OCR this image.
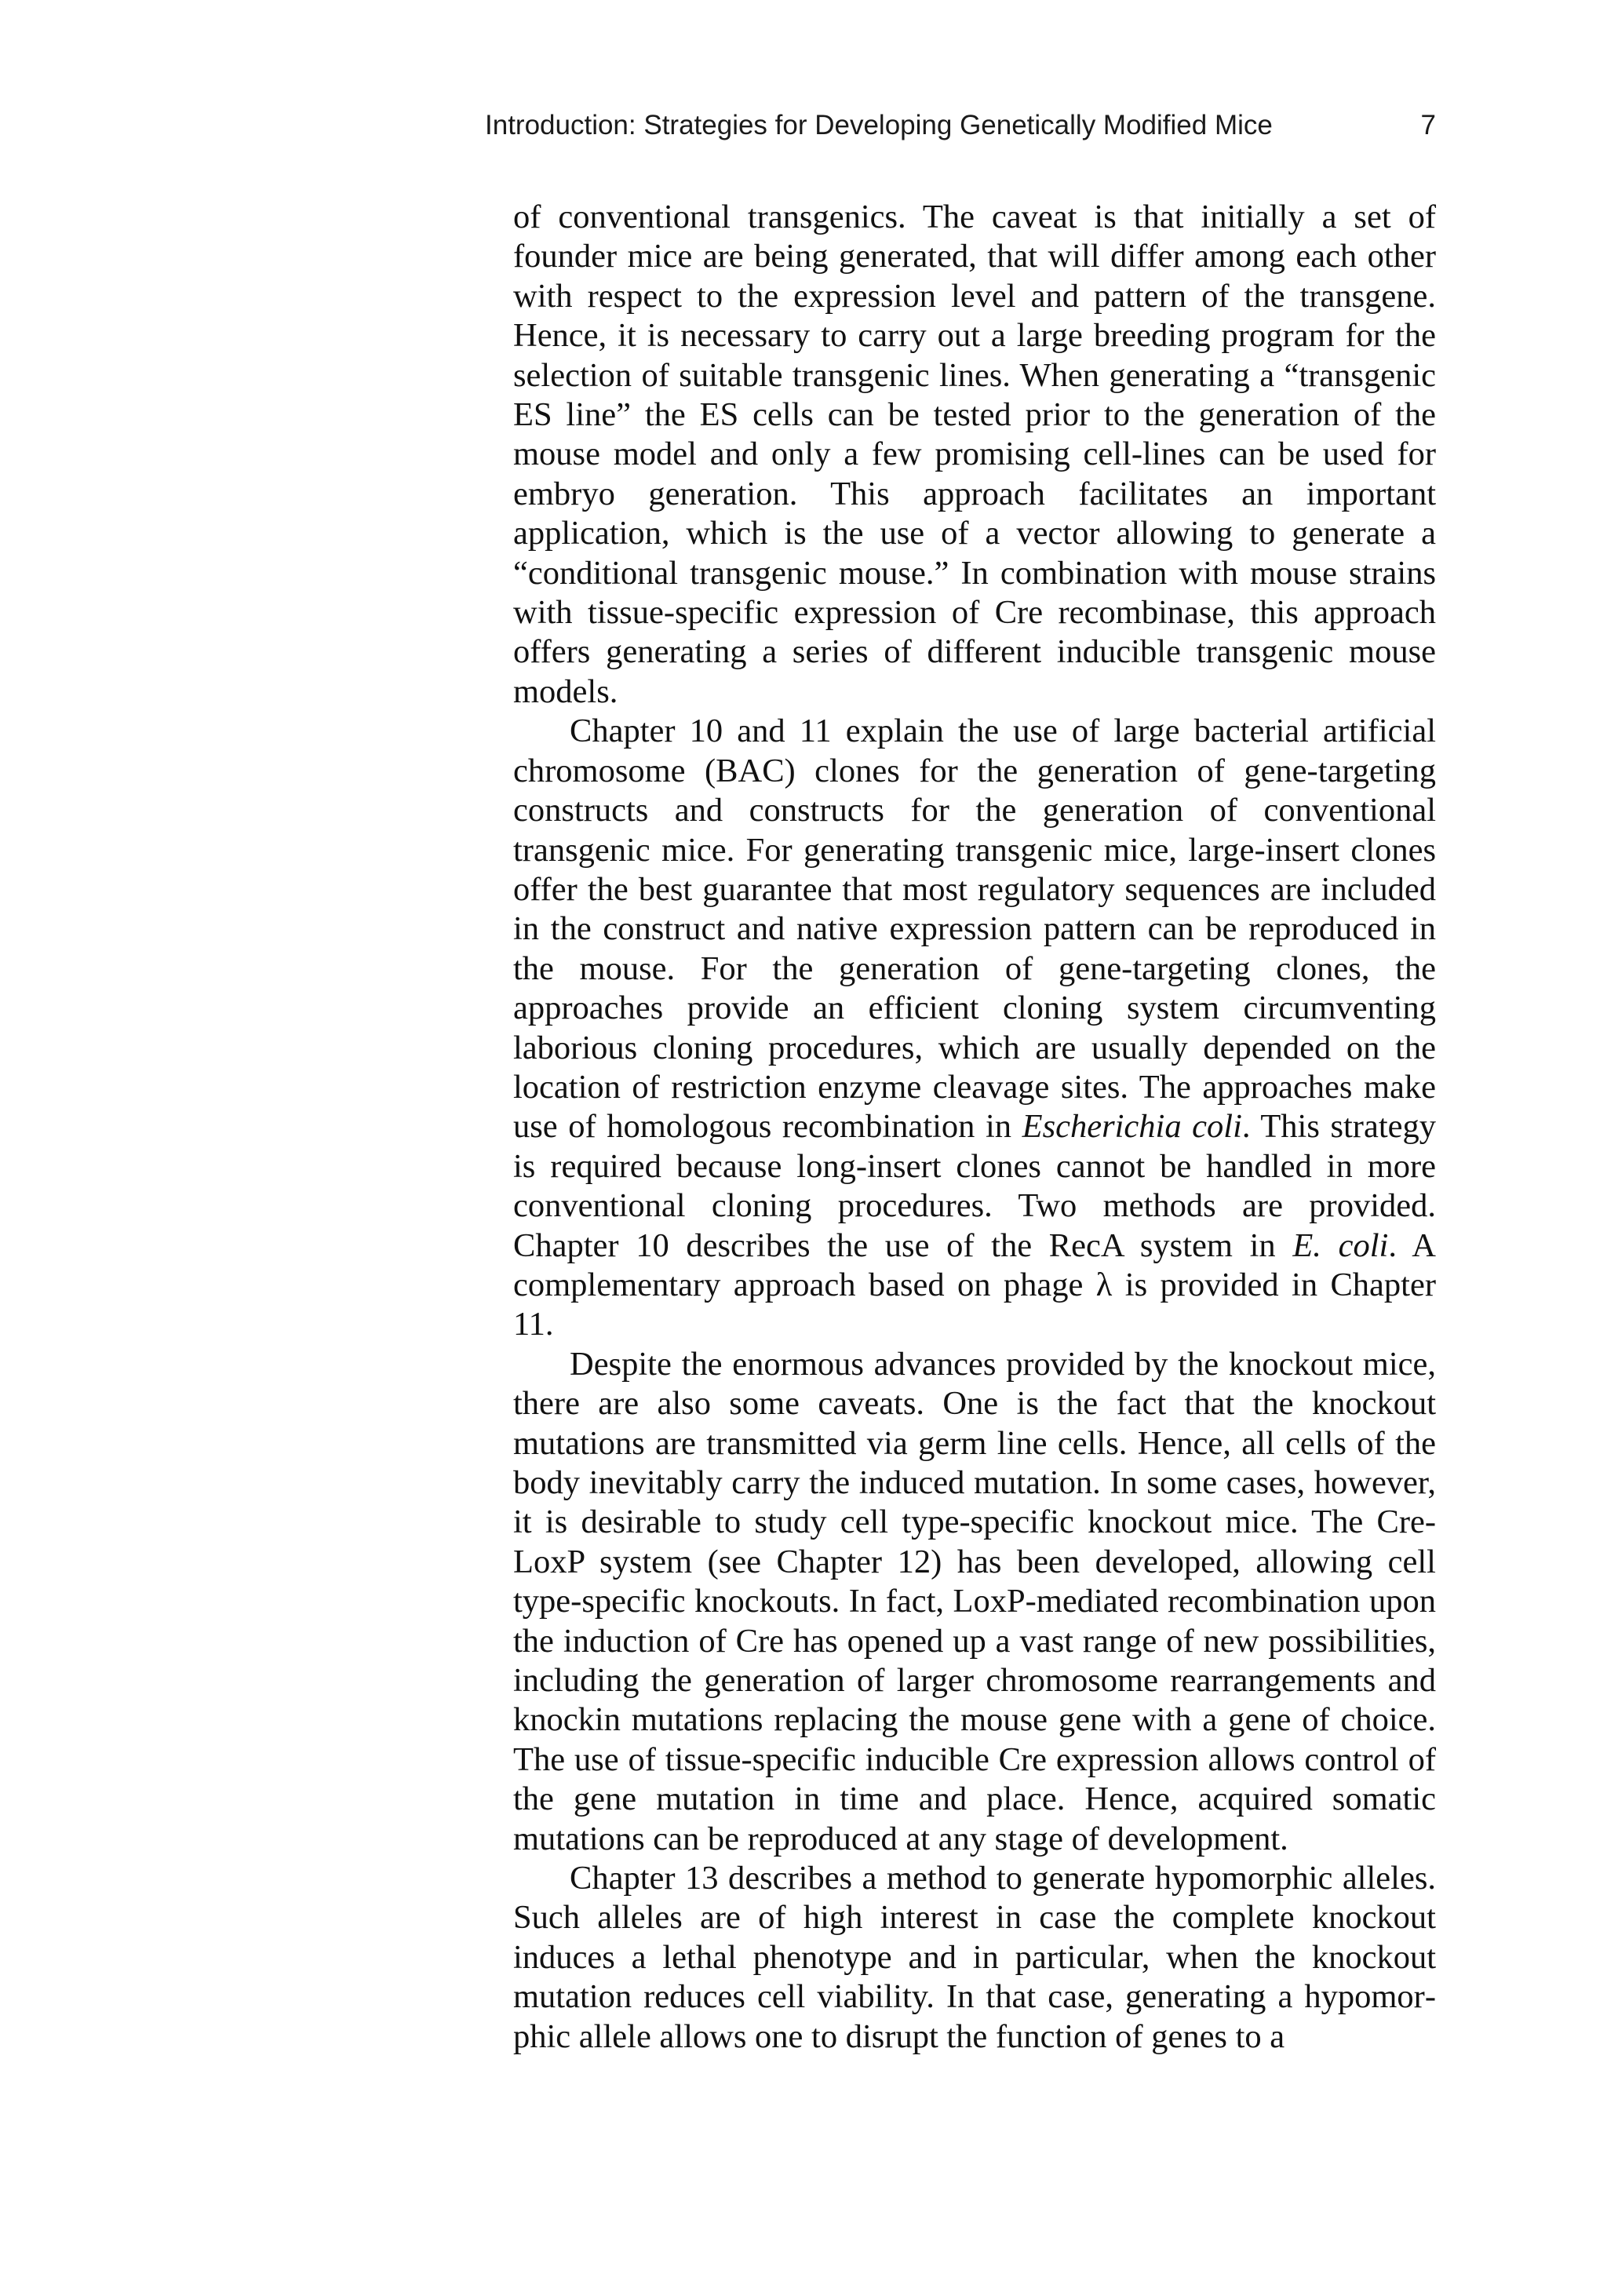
Introduction: Strategies for Developing Genetically Modified Mice	7

of conventional transgenics. The caveat is that initially a set of founder mice are being generated, that will differ among each other with respect to the expression level and pattern of the transgene. Hence, it is necessary to carry out a large breeding program for the selection of suitable transgenic lines. When generating a “transgenic ES line” the ES cells can be tested prior to the generation of the mouse model and only a few promising cell-lines can be used for embryo generation. This approach facilitates an important application, which is the use of a vector allowing to generate a “conditional transgenic mouse.” In combination with mouse strains with tissue-specific expression of Cre recombinase, this approach offers generating a series of different inducible transgenic mouse models.

Chapter 10 and 11 explain the use of large bacterial artificial chromosome (BAC) clones for the generation of gene-targeting constructs and constructs for the generation of conventional transgenic mice. For generating transgenic mice, large-insert clones offer the best guarantee that most regulatory sequences are included in the construct and native expression pattern can be reproduced in the mouse. For the generation of gene-targeting clones, the approaches provide an efficient cloning system circumventing laborious cloning procedures, which are usually depended on the location of restriction enzyme cleavage sites. The approaches make use of homologous recombination in Escherichia coli. This strategy is required because long-insert clones cannot be handled in more conventional cloning procedures. Two methods are provided. Chapter 10 describes the use of the RecA system in E. coli. A complementary approach based on phage λ is provided in Chapter 11.

Despite the enormous advances provided by the knockout mice, there are also some caveats. One is the fact that the knockout mutations are transmitted via germ line cells. Hence, all cells of the body inevitably carry the induced mutation. In some cases, however, it is desirable to study cell type-specific knockout mice. The Cre-LoxP system (see Chapter 12) has been developed, allowing cell type-specific knockouts. In fact, LoxP-mediated recombination upon the induction of Cre has opened up a vast range of new possibilities, including the generation of larger chromosome rearrangements and knockin mutations replacing the mouse gene with a gene of choice. The use of tissue-specific inducible Cre expression allows control of the gene mutation in time and place. Hence, acquired somatic mutations can be reproduced at any stage of development.

Chapter 13 describes a method to generate hypomorphic alleles. Such alleles are of high interest in case the complete knockout induces a lethal phenotype and in particular, when the knockout mutation reduces cell viability. In that case, generating a hypomorphic allele allows one to disrupt the function of genes to a
